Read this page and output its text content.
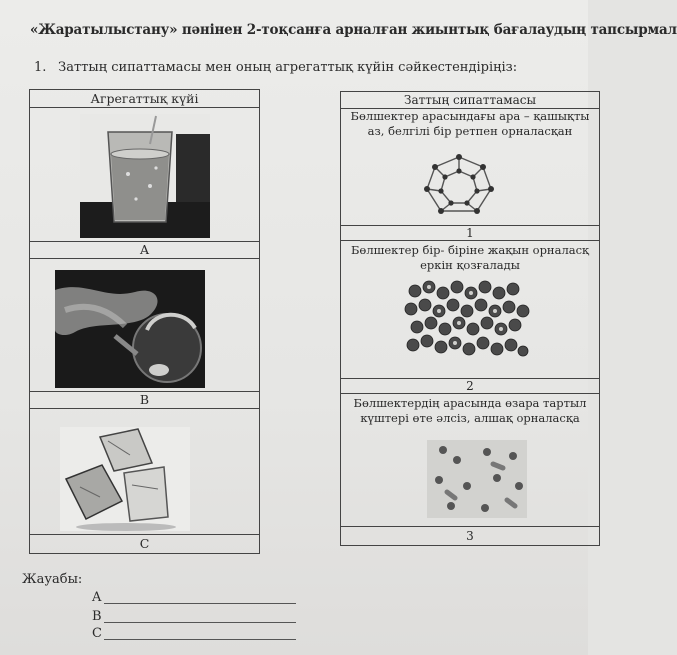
«Жаратылыстану» пәнінен 2-тоқсанға арналған жиынтық бағалаудың тапсырмал
1. Заттың сипаттамасы мен оның агрегаттық күйін сәйкестендіріңіз:
Агрегаттық күйі
A
B
C
Заттың сипаттамасы
Бөлшектер арасындағы ара – қашықты
аз, белгілі бір ретпен орналасқан
1
Бөлшектер бір- біріне жақын орналасқ
еркін қозғалады
2
Бөлшектердің арасында өзара тартыл
күштері өте әлсіз, алшақ орналасқа
3
Жауабы:
A
B
C
